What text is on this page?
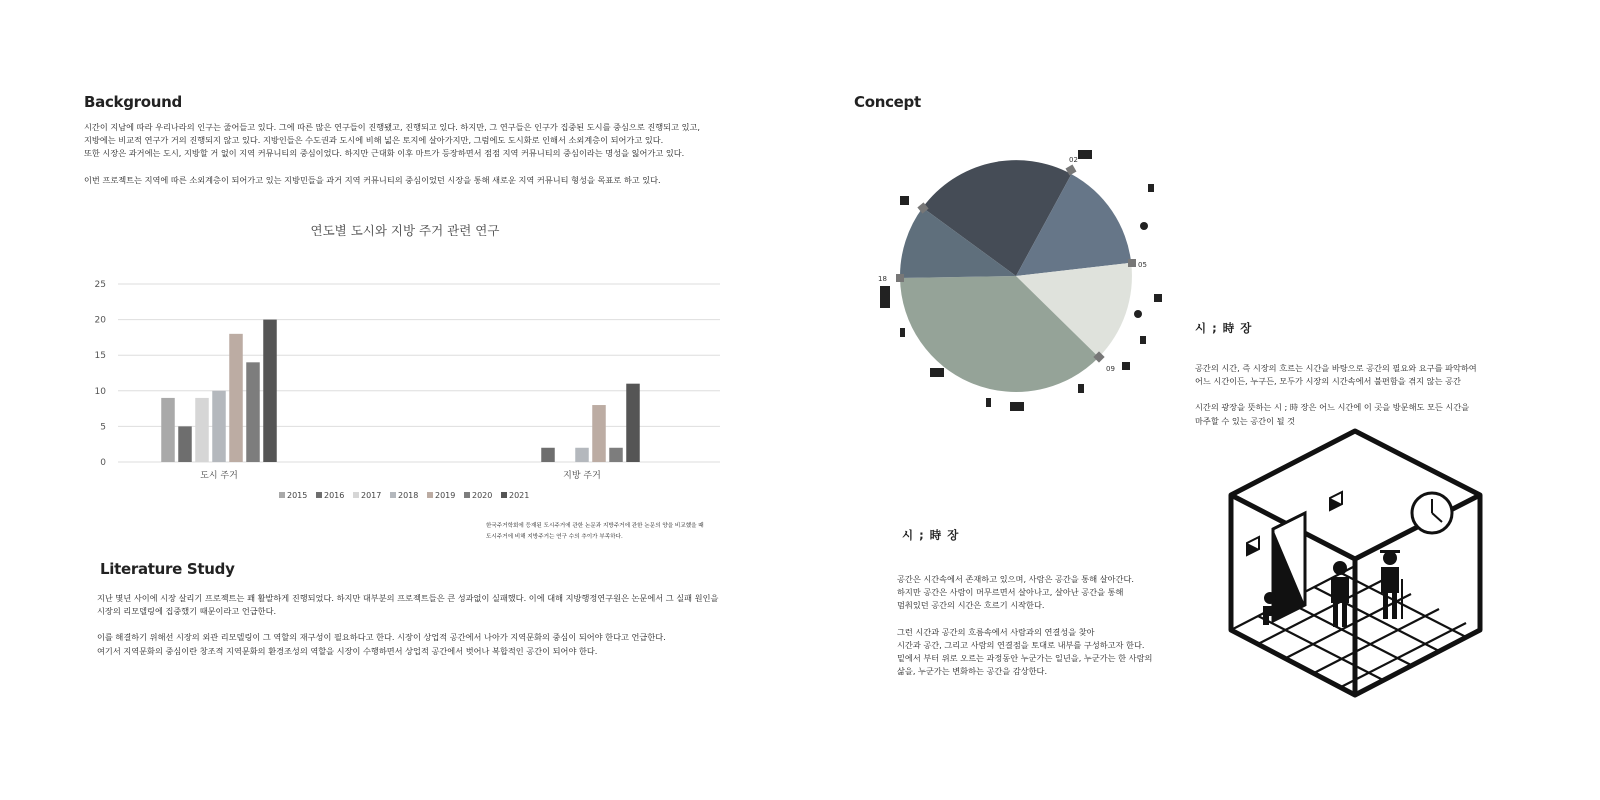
Background
시간이 지남에 따라 우리나라의 인구는 줄어들고 있다. 그에 따른 많은 연구들이 진행됐고, 진행되고 있다. 하지만, 그 연구들은 인구가 집중된 도시를 중심으로 진행되고 있고,
지방에는 비교적 연구가 거의 진행되지 않고 있다. 지방인들은 수도권과 도시에 비해 넓은 토지에 살아가지만, 그럼에도 도시화로 인해서 소외계층이 되어가고 있다.
또한 시장은 과거에는 도시, 지방할 거 없이 지역 커뮤니티의 중심이었다. 하지만 근대화 이후 마트가 등장하면서 점점 지역 커뮤니티의 중심이라는 명성을 잃어가고 있다.
이번 프로젝트는 지역에 따른 소외계층이 되어가고 있는 지방민들을 과거 지역 커뮤니티의 중심이었던 시장을 통해 새로운 지역 커뮤니티 형성을 목표로 하고 있다.
연도별 도시와 지방 주거 관련 연구
0
5
10
15
20
25
도시 주거	지방 주거
2015 2016 2017 2018 2019 2020 2021
한국주거학회에 등재된 도시주거에 관한 논문과 지방주거에 관한 논문의 양을 비교했을 때
도시주거에 비해 지방주거는 연구 수의 추이가 부족하다.
Literature Study
지난 몇년 사이에 시장 살리기 프로젝트는 꽤 활발하게 진행되었다. 하지만 대부분의 프로젝트들은 큰 성과없이 실패했다. 이에 대해 지방행정연구원은 논문에서 그 실패 원인을
시장의 리모델링에 집중했기 때문이라고 언급한다.
이를 해결하기 위해선 시장의 외관 리모델링이 그 역할의 재구성이 필요하다고 한다. 시장이 상업적 공간에서 나아가 지역문화의 중심이 되어야 한다고 언급한다.
여기서 지역문화의 중심이란 창조적 지역문화의 환경조성의 역할을 시장이 수행하면서 상업적 공간에서 벗어나 복합적인 공간이 되어야 한다.
Concept
02
05
09
18
시 ; 時 장
공간의 시간, 즉 시장의 흐르는 시간을 바탕으로 공간의 필요와 요구를 파악하여
어느 시간이든, 누구든, 모두가 시장의 시간속에서 불편함을 겪지 않는 공간
시간의 광장을 뜻하는 시 ; 時 장은 어느 시간에 이 곳을 방문해도 모든 시간을
마주할 수 있는 공간이 될 것
시 ; 時 장
공간은 시간속에서 존재하고 있으며, 사람은 공간을 통해 살아간다.
하지만 공간은 사람이 머무르면서 살아나고, 살아난 공간을 통해
멈춰있던 공간의 시간은 흐르기 시작한다.
그런 시간과 공간의 흐름속에서 사람과의 연결성을 찾아
시간과 공간, 그리고 사람의 연결점을 토대로 내부를 구성하고자 한다.
밑에서 부터 위로 오르는 과정동안 누군가는 일년을, 누군가는 한 사람의
삶을, 누군가는 변화하는 공간을 감상한다.
